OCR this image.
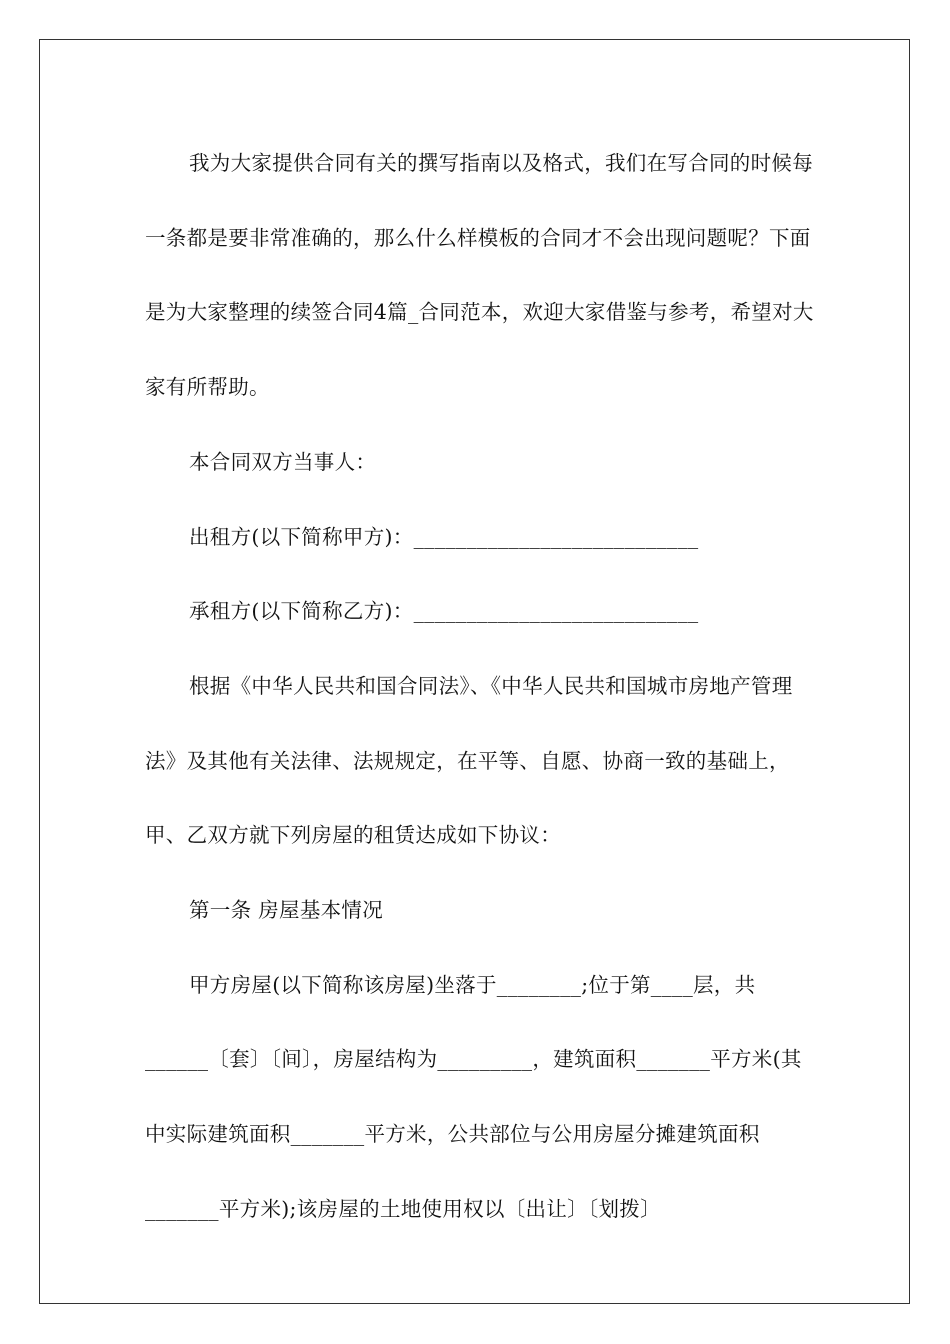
我为大家提供合同有关的撰写指南以及格式，我们在写合同的时候每一条都是要非常准确的，那么什么样模板的合同才不会出现问题呢？下面是为大家整理的续签合同4篇_合同范本，欢迎大家借鉴与参考，希望对大家有所帮助。

本合同双方当事人：

出租方(以下简称甲方)：___________________________

承租方(以下简称乙方)：___________________________

根据《中华人民共和国合同法》、《中华人民共和国城市房地产管理法》及其他有关法律、法规规定，在平等、自愿、协商一致的基础上，甲、乙双方就下列房屋的租赁达成如下协议：

第一条 房屋基本情况

甲方房屋(以下简称该房屋)坐落于________;位于第____层，共______〔套〕〔间〕，房屋结构为_________，建筑面积_______平方米(其中实际建筑面积_______平方米，公共部位与公用房屋分摊建筑面积_______平方米);该房屋的土地使用权以〔出让〕〔划拨〕
